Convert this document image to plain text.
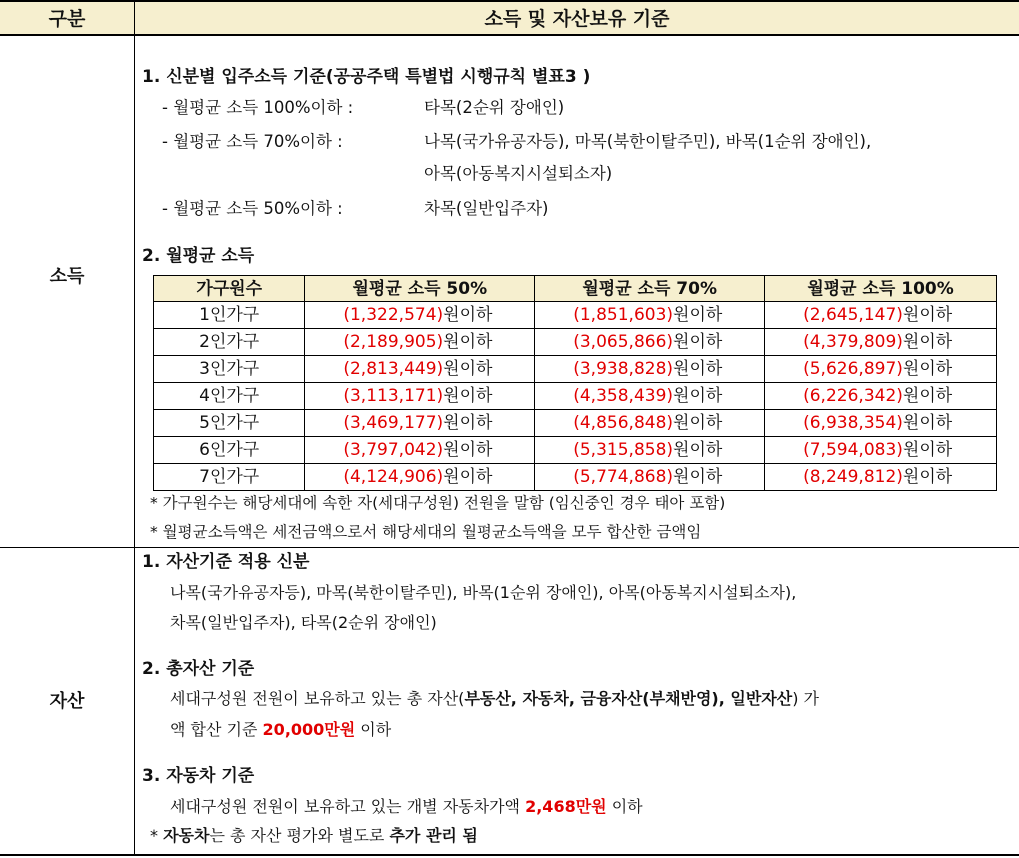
구분	소득 및 자산보유 기준
소득
1. 신분별 입주소득 기준(공공주택 특별법 시행규칙 별표3 )
- 월평균 소득 100%이하 :	타목(2순위 장애인)
- 월평균 소득 70%이하 :	나목(국가유공자등), 마목(북한이탈주민), 바목(1순위 장애인),
아목(아동복지시설퇴소자)
- 월평균 소득 50%이하 :	차목(일반입주자)
2. 월평균 소득
가구원수	월평균 소득 50%	월평균 소득 70%	월평균 소득 100%
1인가구	(1,322,574)원이하	(1,851,603)원이하	(2,645,147)원이하
2인가구	(2,189,905)원이하	(3,065,866)원이하	(4,379,809)원이하
3인가구	(2,813,449)원이하	(3,938,828)원이하	(5,626,897)원이하
4인가구	(3,113,171)원이하	(4,358,439)원이하	(6,226,342)원이하
5인가구	(3,469,177)원이하	(4,856,848)원이하	(6,938,354)원이하
6인가구	(3,797,042)원이하	(5,315,858)원이하	(7,594,083)원이하
7인가구	(4,124,906)원이하	(5,774,868)원이하	(8,249,812)원이하
* 가구원수는 해당세대에 속한 자(세대구성원) 전원을 말함 (임신중인 경우 태아 포함)
* 월평균소득액은 세전금액으로서 해당세대의 월평균소득액을 모두 합산한 금액임
자산
1. 자산기준 적용 신분
나목(국가유공자등), 마목(북한이탈주민), 바목(1순위 장애인), 아목(아동복지시설퇴소자),
차목(일반입주자), 타목(2순위 장애인)
2. 총자산 기준
세대구성원 전원이 보유하고 있는 총 자산(부동산, 자동차, 금융자산(부채반영), 일반자산) 가
액 합산 기준 20,000만원 이하
3. 자동차 기준
세대구성원 전원이 보유하고 있는 개별 자동차가액 2,468만원 이하
* 자동차는 총 자산 평가와 별도로 추가 관리 됨
